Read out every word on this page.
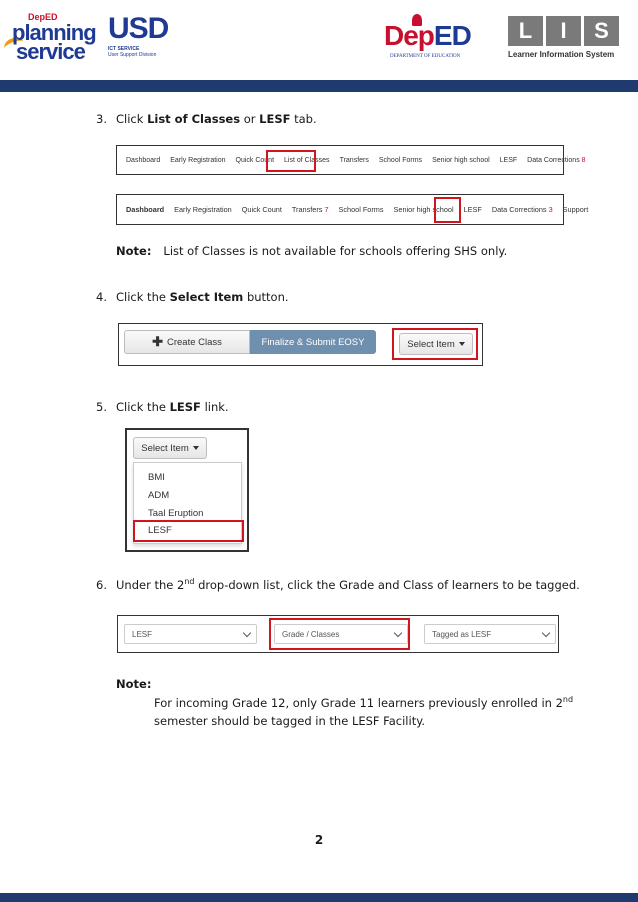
DepED
planning
service
USD
ICT SERVICE
User Support Division
DepED
DEPARTMENT OF EDUCATION
L	I	S
Learner Information System
3. Click List of Classes or LESF tab.
Dashboard	Early Registration	Quick Count	List of Classes	Transfers	School Forms	Senior high school	LESF	Data Corrections 8
Dashboard	Early Registration	Quick Count	Transfers 7	School Forms	Senior high school	LESF	Data Corrections 3	Support
Note: List of Classes is not available for schools offering SHS only.
4. Click the Select Item button.
✚ Create Class	Finalize & Submit EOSY	Select Item
5. Click the LESF link.
Select Item
BMI
ADM
Taal Eruption
LESF
6. Under the 2nd drop-down list, click the Grade and Class of learners to be tagged.
LESF	Grade / Classes	Tagged as LESF
Note:
For incoming Grade 12, only Grade 11 learners previously enrolled in 2nd
semester should be tagged in the LESF Facility.
2
